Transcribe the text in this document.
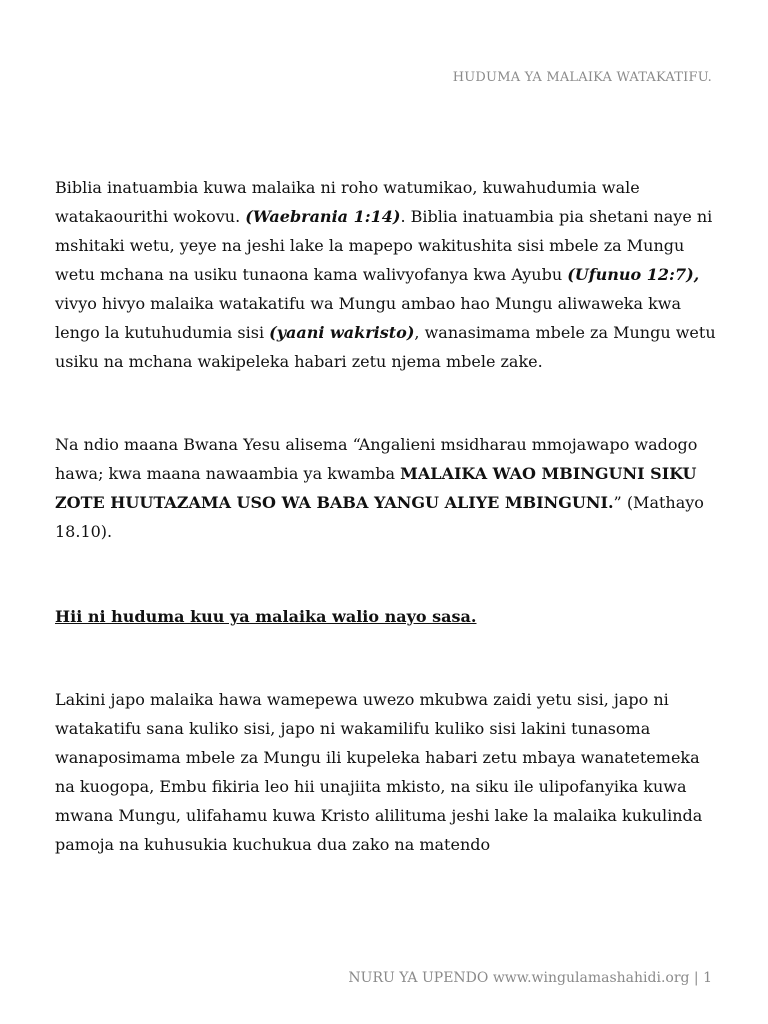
HUDUMA YA MALAIKA WATAKATIFU.

Biblia inatuambia kuwa malaika ni roho watumikao, kuwahudumia wale watakaourithi wokovu. (Waebrania 1:14). Biblia inatuambia pia shetani naye ni mshitaki wetu, yeye na jeshi lake la mapepo wakitushita sisi mbele za Mungu wetu mchana na usiku tunaona kama walivyofanya kwa Ayubu (Ufunuo 12:7), vivyo hivyo malaika watakatifu wa Mungu ambao hao Mungu aliwaweka kwa lengo la kutuhudumia sisi (yaani wakristo), wanasimama mbele za Mungu wetu usiku na mchana wakipeleka habari zetu njema mbele zake.

Na ndio maana Bwana Yesu alisema “Angalieni msidharau mmojawapo wadogo hawa; kwa maana nawaambia ya kwamba MALAIKA WAO MBINGUNI SIKU ZOTE HUUTAZAMA USO WA BABA YANGU ALIYE MBINGUNI.” (Mathayo 18.10).

Hii ni huduma kuu ya malaika walio nayo sasa.

Lakini japo malaika hawa wamepewa uwezo mkubwa zaidi yetu sisi, japo ni watakatifu sana kuliko sisi, japo ni wakamilifu kuliko sisi lakini tunasoma wanaposimama mbele za Mungu ili kupeleka habari zetu mbaya wanatetemeka na kuogopa, Embu fikiria leo hii unajiita mkisto, na siku ile ulipofanyika kuwa mwana Mungu, ulifahamu kuwa Kristo alilituma jeshi lake la malaika kukulinda pamoja na kuhusukia kuchukua dua zako na matendo

NURU YA UPENDO www.wingulamashahidi.org | 1
